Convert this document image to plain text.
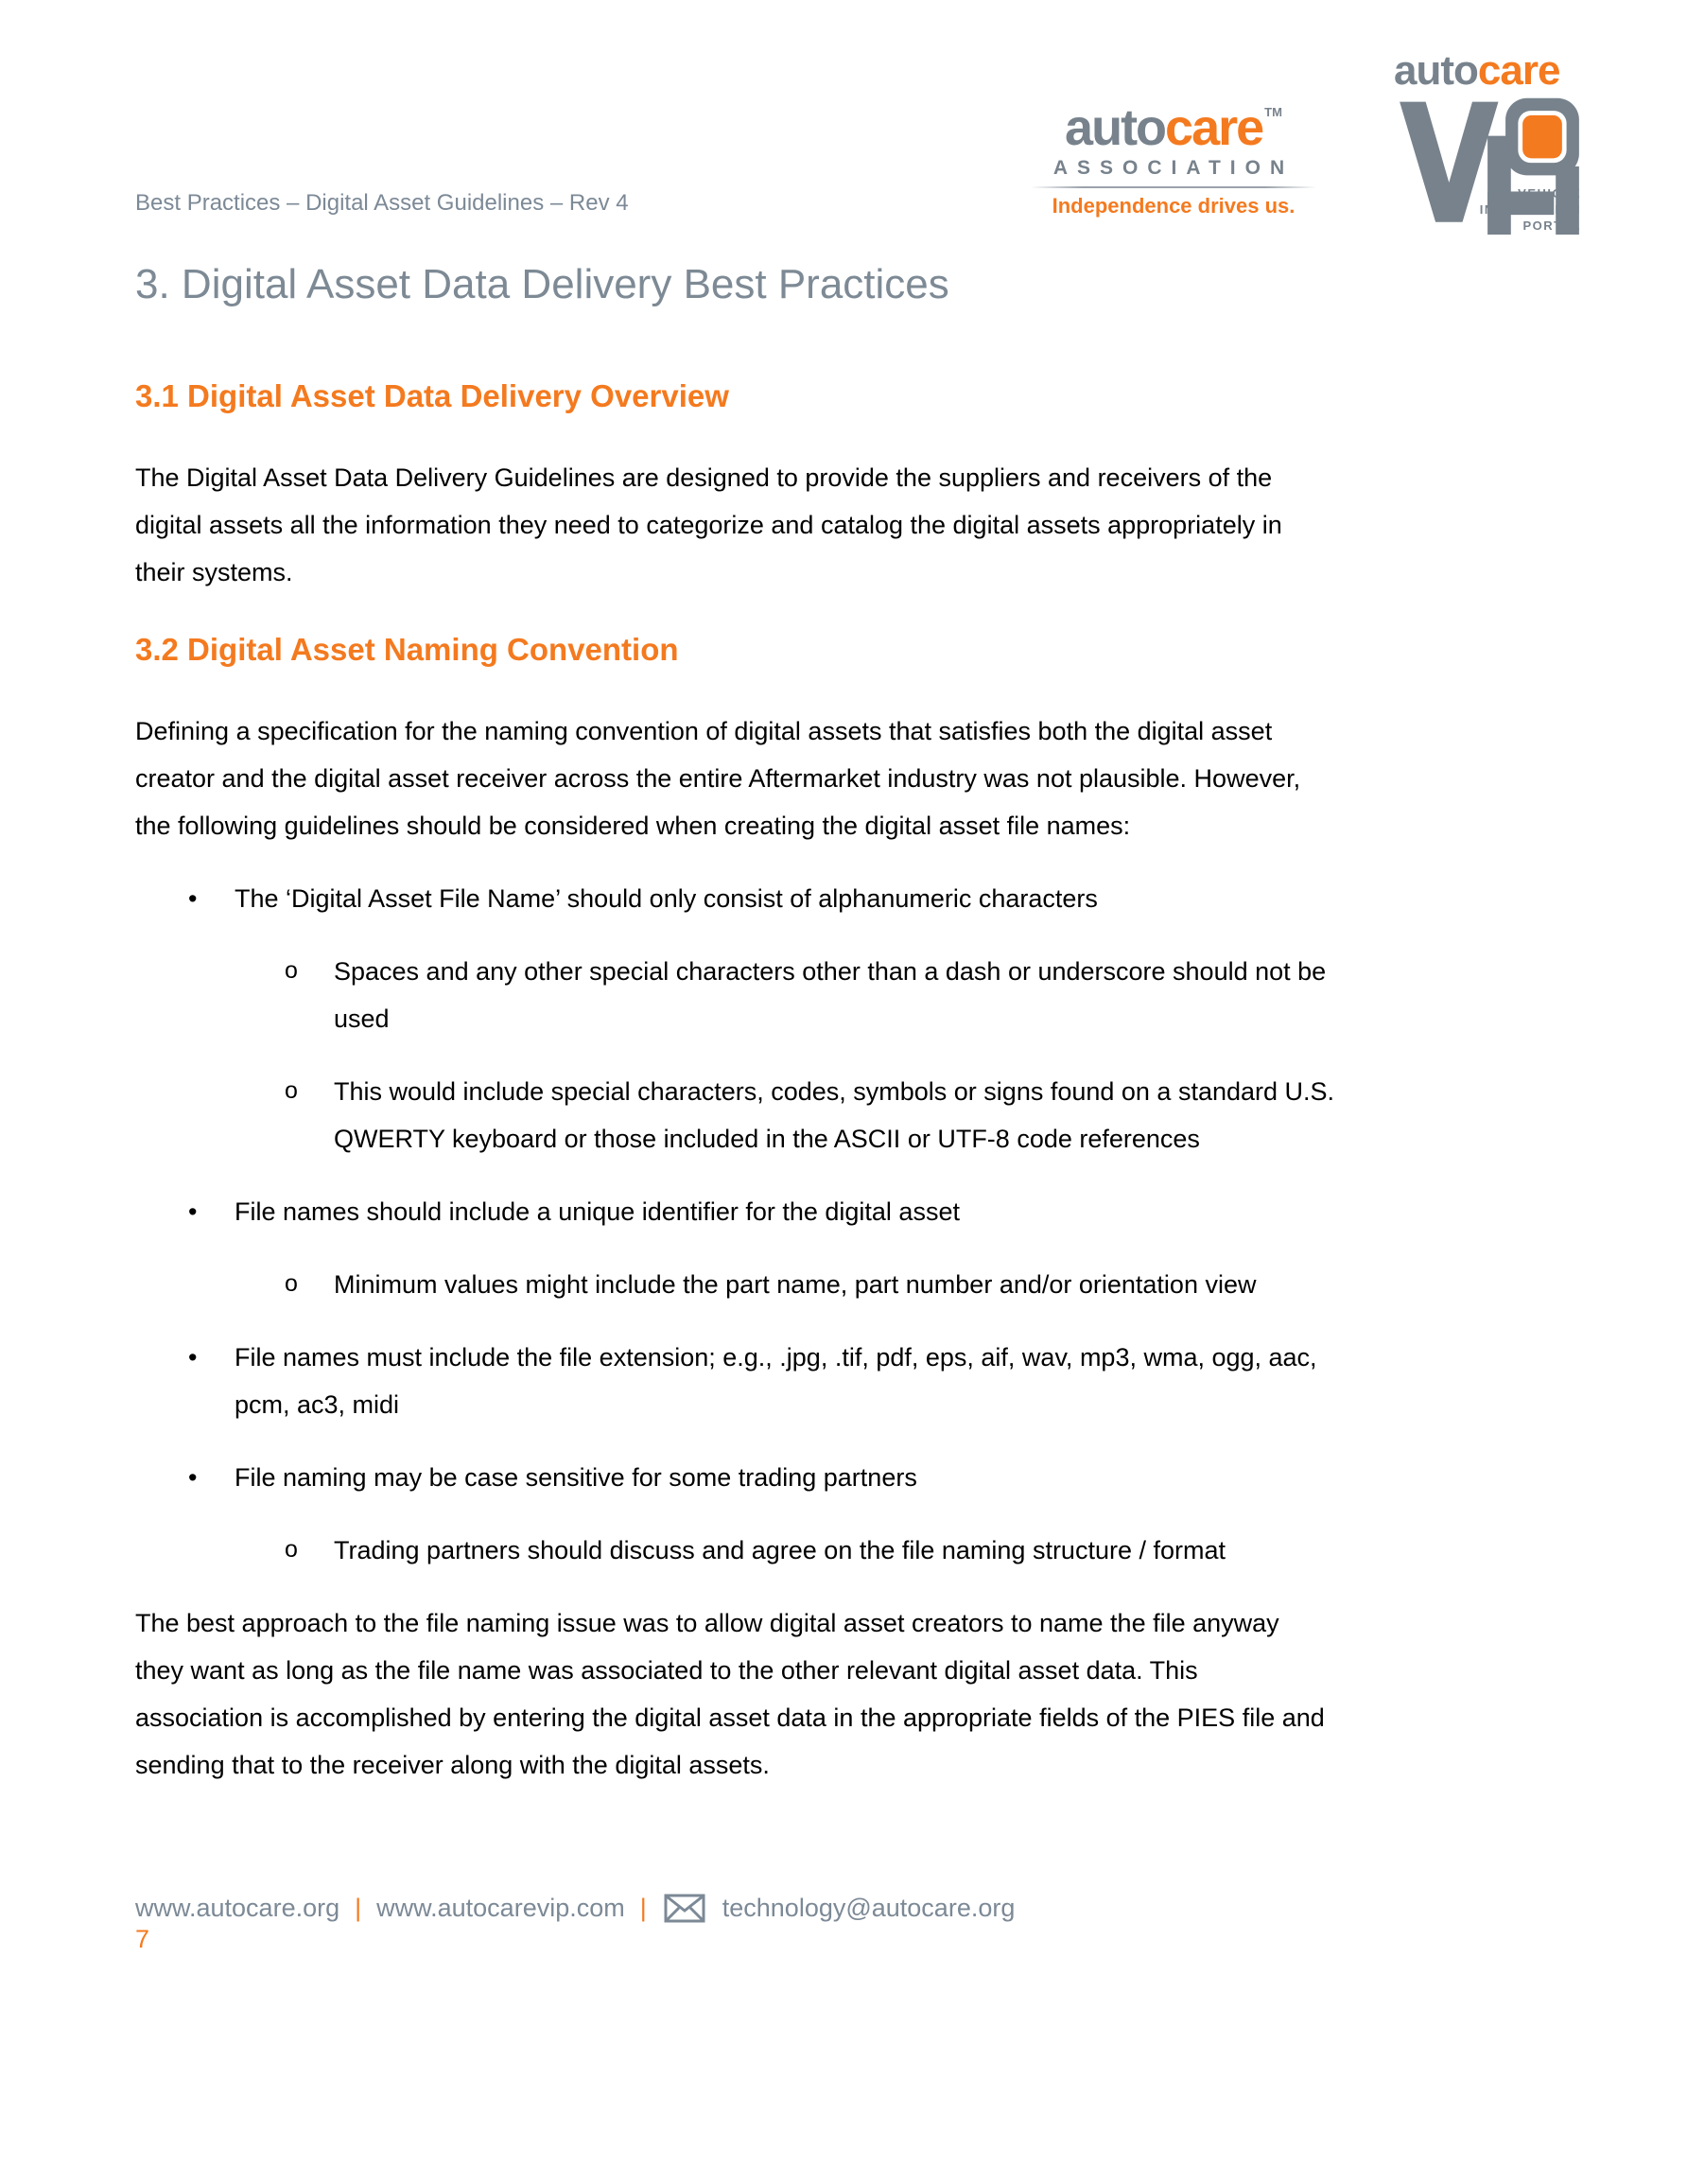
autocare ™
ASSOCIATION
Independence drives us.
autocare
VEHICLE
INFORMATION
PORTAL
Best Practices – Digital Asset Guidelines – Rev 4
3. Digital Asset Data Delivery Best Practices
3.1 Digital Asset Data Delivery Overview

The Digital Asset Data Delivery Guidelines are designed to provide the suppliers and receivers of the
digital assets all the information they need to categorize and catalog the digital assets appropriately in
their systems.

3.2 Digital Asset Naming Convention

Defining a specification for the naming convention of digital assets that satisfies both the digital asset
creator and the digital asset receiver across the entire Aftermarket industry was not plausible. However,
the following guidelines should be considered when creating the digital asset file names:

• The ‘Digital Asset File Name’ should only consist of alphanumeric characters
o Spaces and any other special characters other than a dash or underscore should not be
used
o This would include special characters, codes, symbols or signs found on a standard U.S.
QWERTY keyboard or those included in the ASCII or UTF-8 code references
• File names should include a unique identifier for the digital asset
o Minimum values might include the part name, part number and/or orientation view
• File names must include the file extension; e.g., .jpg, .tif, pdf, eps, aif, wav, mp3, wma, ogg, aac,
pcm, ac3, midi
• File naming may be case sensitive for some trading partners
o Trading partners should discuss and agree on the file naming structure / format

The best approach to the file naming issue was to allow digital asset creators to name the file anyway
they want as long as the file name was associated to the other relevant digital asset data. This
association is accomplished by entering the digital asset data in the appropriate fields of the PIES file and
sending that to the receiver along with the digital assets.

www.autocare.org | www.autocarevip.com |	technology@autocare.org
7
